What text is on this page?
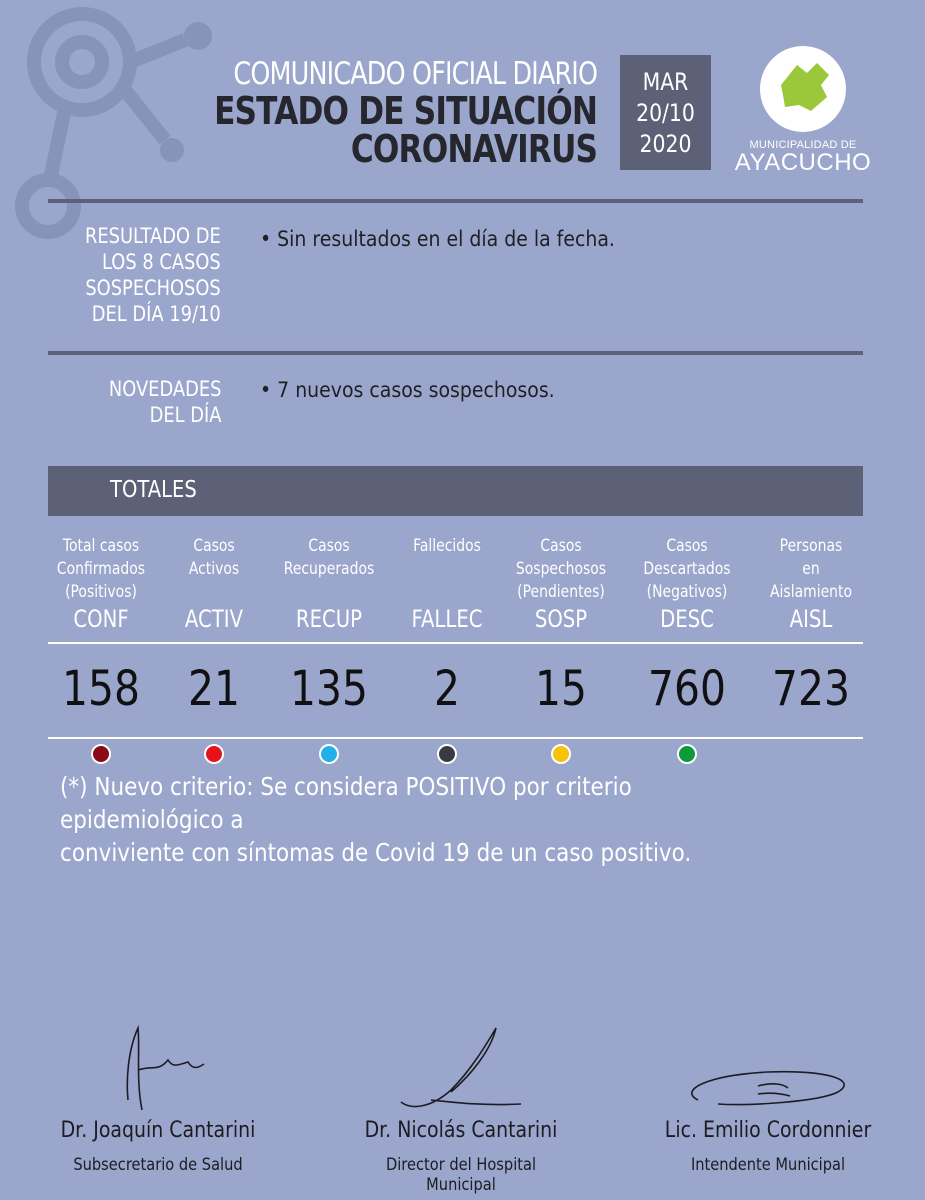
COMUNICADO OFICIAL DIARIO
ESTADO DE SITUACIÓN
CORONAVIRUS
MAR
20/10
2020	MUNICIPALIDAD DE
AYACUCHO
RESULTADO DE
LOS 8 CASOS
SOSPECHOSOS
DEL DÍA 19/10
• Sin resultados en el día de la fecha.
NOVEDADES
DEL DÍA
• 7 nuevos casos sospechosos.
TOTALES
Total casos
Confirmados
(Positivos)
CONF
158
Casos
Activos
ACTIV
21
Casos
Recuperados
RECUP
135
Fallecidos
FALLEC
2
Casos
Sospechosos
(Pendientes)
SOSP
15
Casos
Descartados
(Negativos)
DESC
760
Personas
en
Aislamiento
AISL
723
(*) Nuevo criterio: Se considera POSITIVO por criterio epidemiológico a
conviviente con síntomas de Covid 19 de un caso positivo.
Dr. Joaquín Cantarini
Subsecretario de Salud
Dr. Nicolás Cantarini
Director del Hospital Municipal
Lic. Emilio Cordonnier
Intendente Municipal
